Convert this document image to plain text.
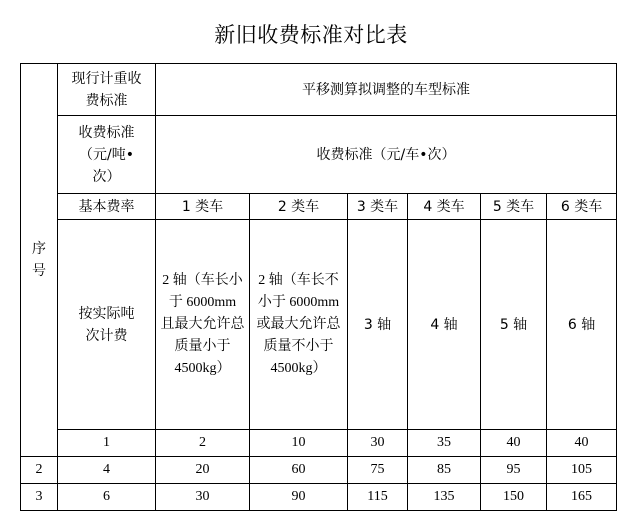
新旧收费标准对比表
序号	现行计重收费标准	平移测算拟调整的车型标准						

	收费标准（元/吨•次）	收费标准（元/车•次）						
	基本费率	1 类车	2 类车	3 类车	4 类车	5 类车	6 类车	

	按实际吨次计费	2 轴（车长小于 6000mm 且最大允许总质量小于 4500kg）	2 轴（车长不小于 6000mm 或最大允许总质量不小于 4500kg）	3 轴	4 轴	5 轴	6 轴	
	1	2	10	30	35	40	40	
2	4	20	60	75	85	95	105	
3	6	30	90	115	135	150	165	
